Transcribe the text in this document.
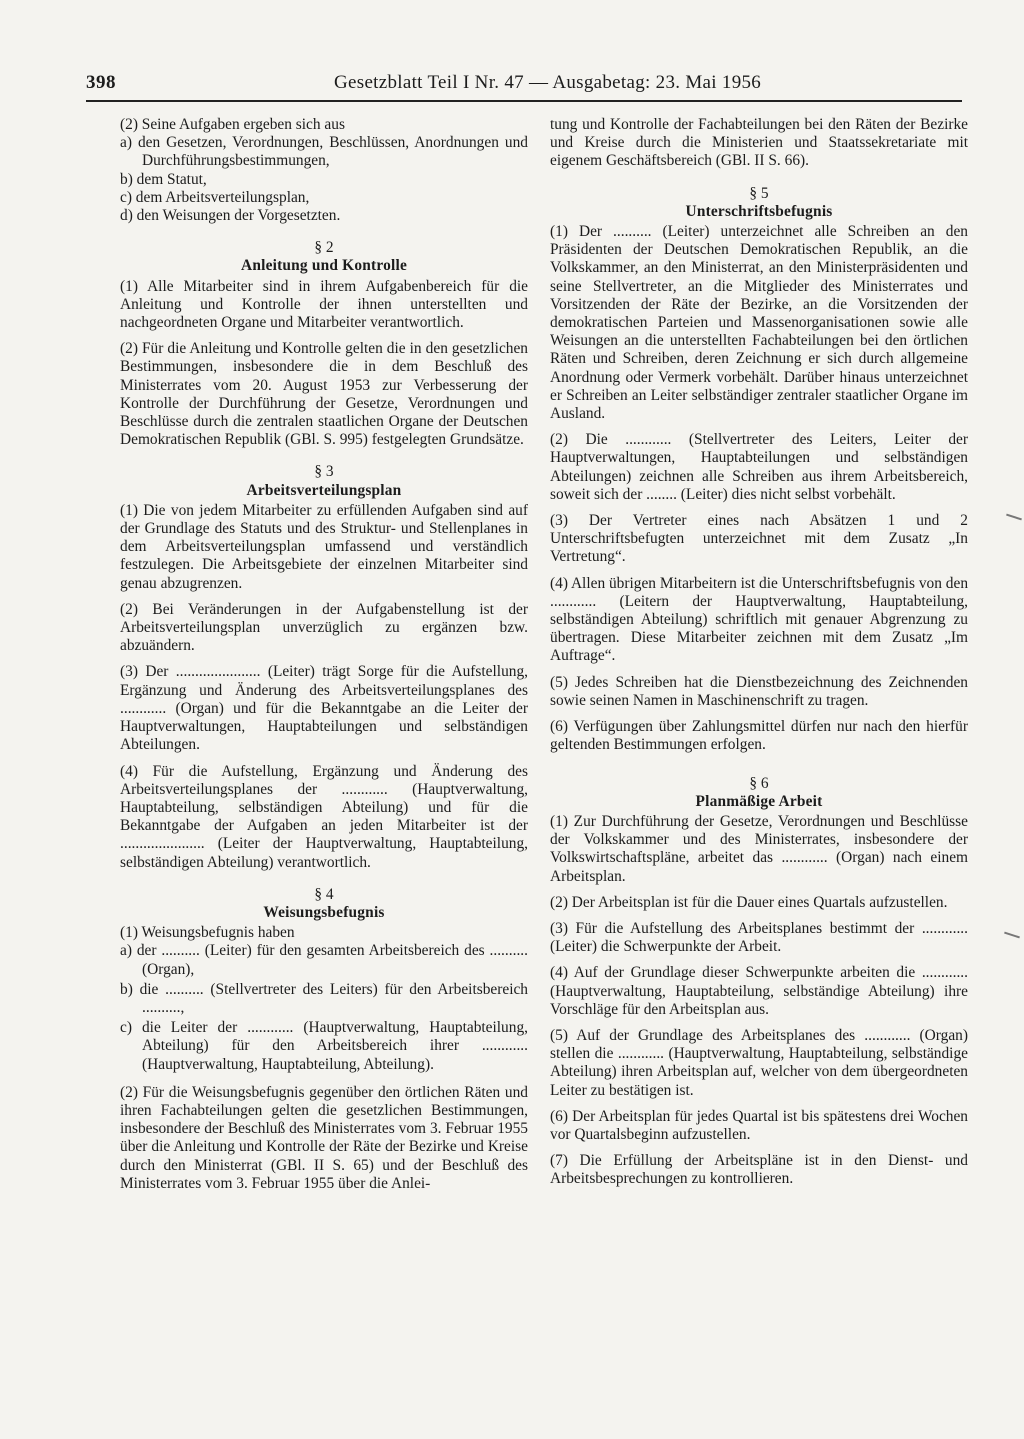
398	Gesetzblatt Teil I Nr. 47 — Ausgabetag: 23. Mai 1956

(2) Seine Aufgaben ergeben sich aus

a) den Gesetzen, Verordnungen, Beschlüssen, Anordnungen und Durchführungsbestimmungen,

b) dem Statut,

c) dem Arbeitsverteilungsplan,

d) den Weisungen der Vorgesetzten.

§ 2

Anleitung und Kontrolle

(1) Alle Mitarbeiter sind in ihrem Aufgabenbereich für die Anleitung und Kontrolle der ihnen unterstellten und nachgeordneten Organe und Mitarbeiter verantwortlich.

(2) Für die Anleitung und Kontrolle gelten die in den gesetzlichen Bestimmungen, insbesondere die in dem Beschluß des Ministerrates vom 20. August 1953 zur Verbesserung der Kontrolle der Durchführung der Gesetze, Verordnungen und Beschlüsse durch die zentralen staatlichen Organe der Deutschen Demokratischen Republik (GBl. S. 995) festgelegten Grundsätze.

§ 3

Arbeitsverteilungsplan

(1) Die von jedem Mitarbeiter zu erfüllenden Aufgaben sind auf der Grundlage des Statuts und des Struktur- und Stellenplanes in dem Arbeitsverteilungsplan umfassend und verständlich festzulegen. Die Arbeitsgebiete der einzelnen Mitarbeiter sind genau abzugrenzen.

(2) Bei Veränderungen in der Aufgabenstellung ist der Arbeitsverteilungsplan unverzüglich zu ergänzen bzw. abzuändern.

(3) Der ...................... (Leiter) trägt Sorge für die Aufstellung, Ergänzung und Änderung des Arbeitsverteilungsplanes des ............ (Organ) und für die Bekanntgabe an die Leiter der Hauptverwaltungen, Hauptabteilungen und selbständigen Abteilungen.

(4) Für die Aufstellung, Ergänzung und Änderung des Arbeitsverteilungsplanes der ............ (Hauptverwaltung, Hauptabteilung, selbständigen Abteilung) und für die Bekanntgabe der Aufgaben an jeden Mitarbeiter ist der ...................... (Leiter der Hauptverwaltung, Hauptabteilung, selbständigen Abteilung) verantwortlich.

§ 4

Weisungsbefugnis

(1) Weisungsbefugnis haben

a) der .......... (Leiter) für den gesamten Arbeitsbereich des .......... (Organ),

b) die .......... (Stellvertreter des Leiters) für den Arbeitsbereich ..........,

c) die Leiter der ............ (Hauptverwaltung, Hauptabteilung, Abteilung) für den Arbeitsbereich ihrer ............ (Hauptverwaltung, Hauptabteilung, Abteilung).

(2) Für die Weisungsbefugnis gegenüber den örtlichen Räten und ihren Fachabteilungen gelten die gesetzlichen Bestimmungen, insbesondere der Beschluß des Ministerrates vom 3. Februar 1955 über die Anleitung und Kontrolle der Räte der Bezirke und Kreise durch den Ministerrat (GBl. II S. 65) und der Beschluß des Ministerrates vom 3. Februar 1955 über die Anlei-

tung und Kontrolle der Fachabteilungen bei den Räten der Bezirke und Kreise durch die Ministerien und Staatssekretariate mit eigenem Geschäftsbereich (GBl. II S. 66).

§ 5

Unterschriftsbefugnis

(1) Der .......... (Leiter) unterzeichnet alle Schreiben an den Präsidenten der Deutschen Demokratischen Republik, an die Volkskammer, an den Ministerrat, an den Ministerpräsidenten und seine Stellvertreter, an die Mitglieder des Ministerrates und Vorsitzenden der Räte der Bezirke, an die Vorsitzenden der demokratischen Parteien und Massenorganisationen sowie alle Weisungen an die unterstellten Fachabteilungen bei den örtlichen Räten und Schreiben, deren Zeichnung er sich durch allgemeine Anordnung oder Vermerk vorbehält. Darüber hinaus unterzeichnet er Schreiben an Leiter selbständiger zentraler staatlicher Organe im Ausland.

(2) Die ............ (Stellvertreter des Leiters, Leiter der Hauptverwaltungen, Hauptabteilungen und selbständigen Abteilungen) zeichnen alle Schreiben aus ihrem Arbeitsbereich, soweit sich der ........ (Leiter) dies nicht selbst vorbehält.

(3) Der Vertreter eines nach Absätzen 1 und 2 Unterschriftsbefugten unterzeichnet mit dem Zusatz „In Vertretung“.

(4) Allen übrigen Mitarbeitern ist die Unterschriftsbefugnis von den ............ (Leitern der Hauptverwaltung, Hauptabteilung, selbständigen Abteilung) schriftlich mit genauer Abgrenzung zu übertragen. Diese Mitarbeiter zeichnen mit dem Zusatz „Im Auftrage“.

(5) Jedes Schreiben hat die Dienstbezeichnung des Zeichnenden sowie seinen Namen in Maschinenschrift zu tragen.

(6) Verfügungen über Zahlungsmittel dürfen nur nach den hierfür geltenden Bestimmungen erfolgen.

§ 6

Planmäßige Arbeit

(1) Zur Durchführung der Gesetze, Verordnungen und Beschlüsse der Volkskammer und des Ministerrates, insbesondere der Volkswirtschaftspläne, arbeitet das ............ (Organ) nach einem Arbeitsplan.

(2) Der Arbeitsplan ist für die Dauer eines Quartals aufzustellen.

(3) Für die Aufstellung des Arbeitsplanes bestimmt der ............ (Leiter) die Schwerpunkte der Arbeit.

(4) Auf der Grundlage dieser Schwerpunkte arbeiten die ............ (Hauptverwaltung, Hauptabteilung, selbständige Abteilung) ihre Vorschläge für den Arbeitsplan aus.

(5) Auf der Grundlage des Arbeitsplanes des ............ (Organ) stellen die ............ (Hauptverwaltung, Hauptabteilung, selbständige Abteilung) ihren Arbeitsplan auf, welcher von dem übergeordneten Leiter zu bestätigen ist.

(6) Der Arbeitsplan für jedes Quartal ist bis spätestens drei Wochen vor Quartalsbeginn aufzustellen.

(7) Die Erfüllung der Arbeitspläne ist in den Dienst- und Arbeitsbesprechungen zu kontrollieren.
